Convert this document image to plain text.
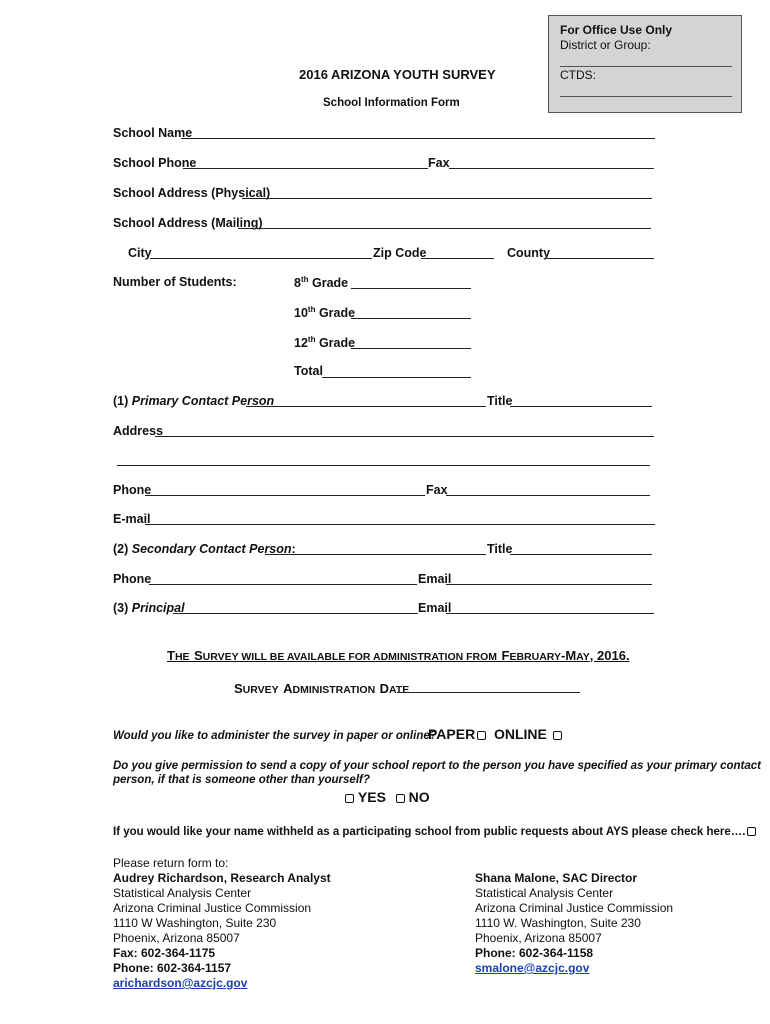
For Office Use Only
District or Group:
CTDS:
2016 ARIZONA YOUTH SURVEY
School Information Form
School Name
School Phone	Fax
School Address (Physical)
School Address (Mailing)
City	Zip Code	County
Number of Students:	8th Grade
10th Grade
12th Grade
Total
(1) Primary Contact Person	Title
Address
Phone	Fax
E-mail
(2) Secondary Contact Person:	Title
Phone	Email
(3) Principal	Email
THE SURVEY WILL BE AVAILABLE FOR ADMINISTRATION FROM FEBRUARY-MAY, 2016.
SURVEY ADMINISTRATION DATE
Would you like to administer the survey in paper or online?
PAPER ONLINE
Do you give permission to send a copy of your school report to the person you have specified as your primary contact
person, if that is someone other than yourself?
YES NO
If you would like your name withheld as a participating school from public requests about AYS please check here….
Please return form to:
Audrey Richardson, Research Analyst
Statistical Analysis Center
Arizona Criminal Justice Commission
1110 W Washington, Suite 230
Phoenix, Arizona 85007
Fax: 602-364-1175
Phone: 602-364-1157
arichardson@azcjc.gov
Shana Malone, SAC Director
Statistical Analysis Center
Arizona Criminal Justice Commission
1110 W. Washington, Suite 230
Phoenix, Arizona 85007
Phone: 602-364-1158
smalone@azcjc.gov
